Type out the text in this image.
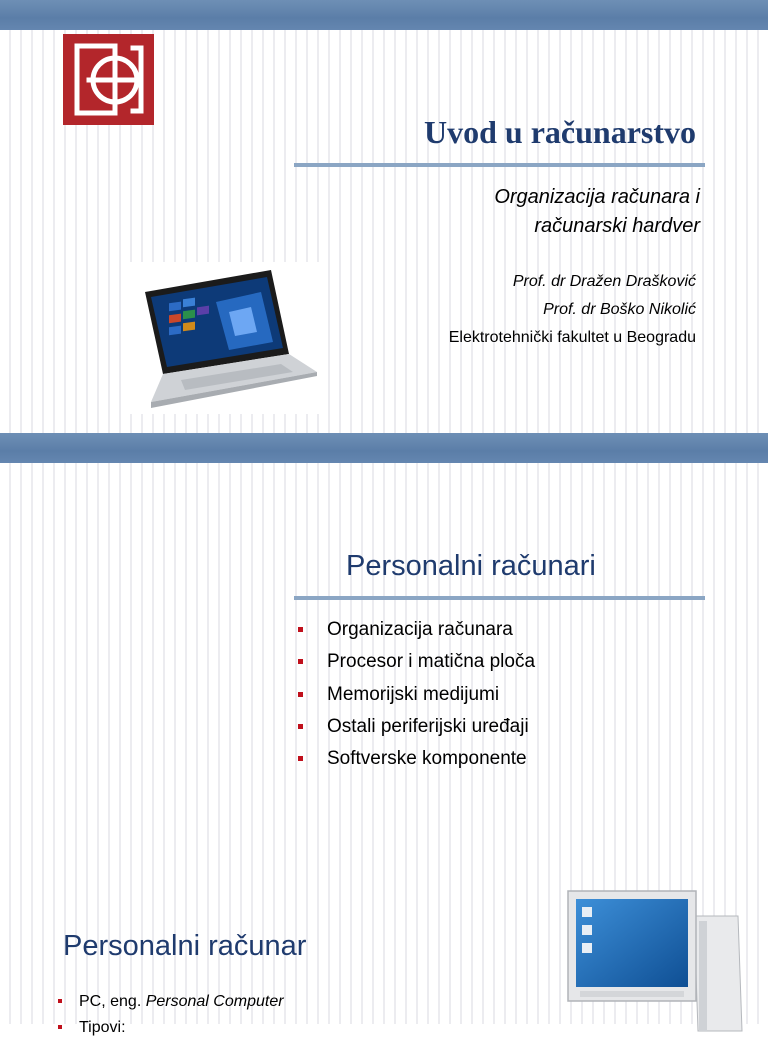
Uvod u računarstvo
Organizacija računara i
računarski hardver
Prof. dr Dražen Drašković
Prof. dr Boško Nikolić
Elektrotehnički fakultet u Beogradu
Personalni računari
Organizacija računara
Procesor i matična ploča
Memorijski medijumi
Ostali periferijski uređaji
Softverske komponente
Personalni računar
PC, eng. Personal Computer
Tipovi:
